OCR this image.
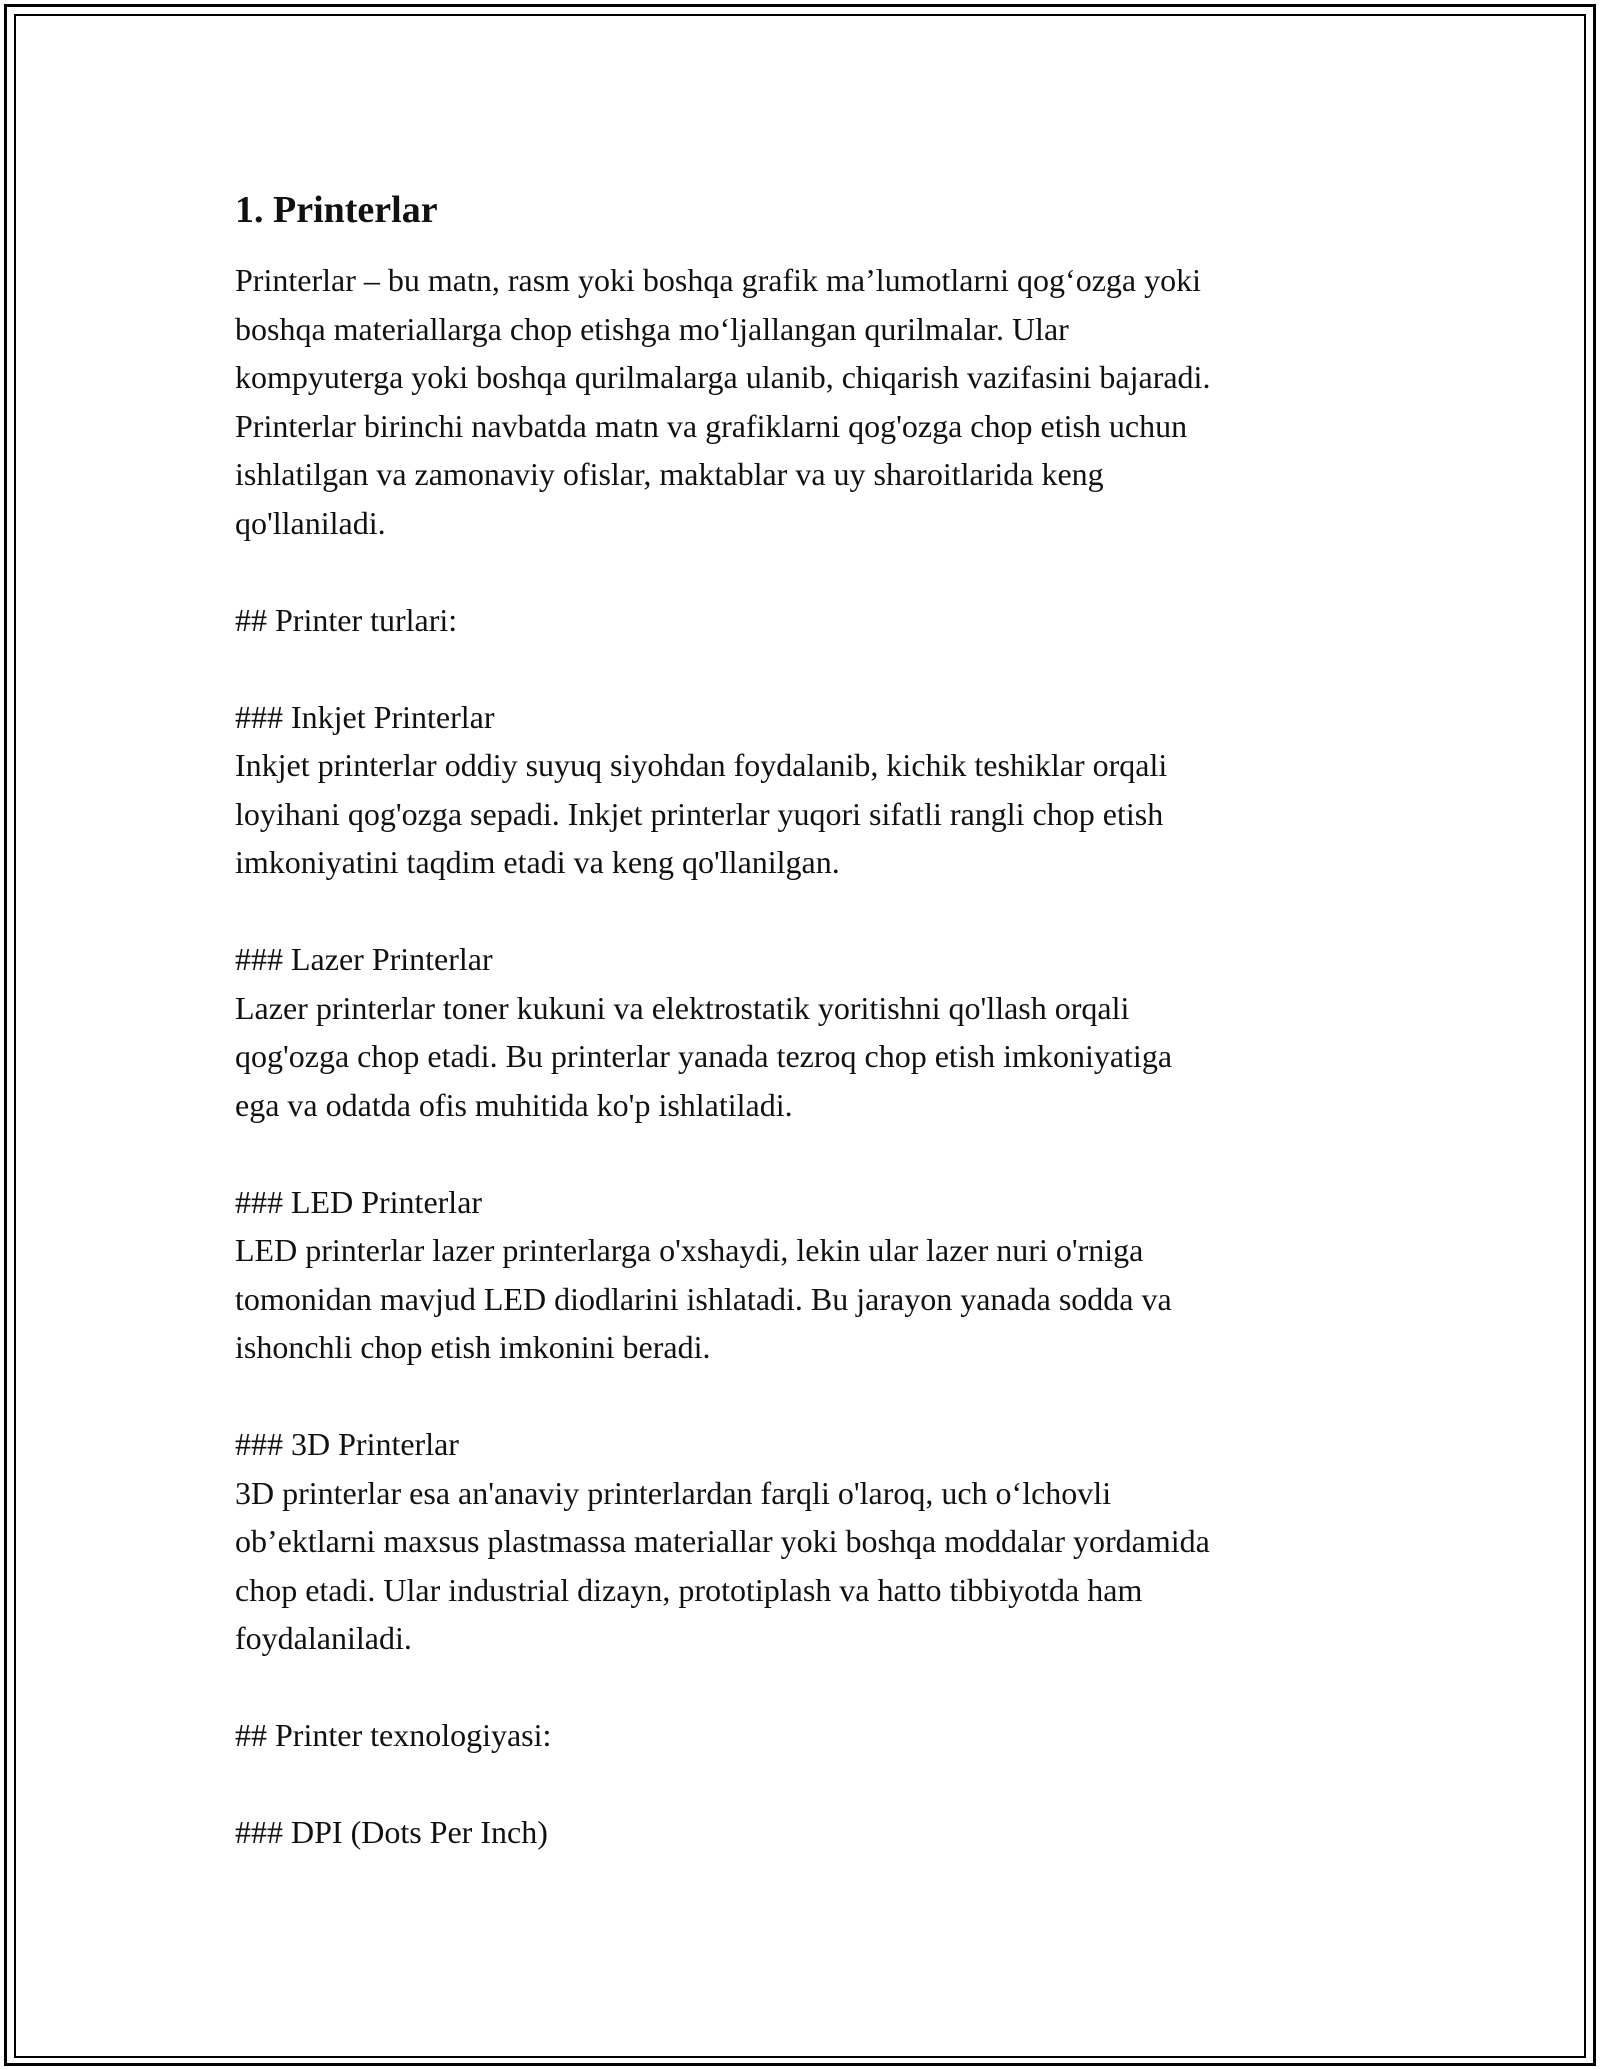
1. Printerlar

Printerlar – bu matn, rasm yoki boshqa grafik ma’lumotlarni qog‘ozga yoki
boshqa materiallarga chop etishga mo‘ljallangan qurilmalar. Ular
kompyuterga yoki boshqa qurilmalarga ulanib, chiqarish vazifasini bajaradi.
Printerlar birinchi navbatda matn va grafiklarni qog'ozga chop etish uchun
ishlatilgan va zamonaviy ofislar, maktablar va uy sharoitlarida keng
qo'llaniladi.

## Printer turlari:

### Inkjet Printerlar

Inkjet printerlar oddiy suyuq siyohdan foydalanib, kichik teshiklar orqali
loyihani qog'ozga sepadi. Inkjet printerlar yuqori sifatli rangli chop etish
imkoniyatini taqdim etadi va keng qo'llanilgan.

### Lazer Printerlar

Lazer printerlar toner kukuni va elektrostatik yoritishni qo'llash orqali
qog'ozga chop etadi. Bu printerlar yanada tezroq chop etish imkoniyatiga
ega va odatda ofis muhitida ko'p ishlatiladi.

### LED Printerlar

LED printerlar lazer printerlarga o'xshaydi, lekin ular lazer nuri o'rniga
tomonidan mavjud LED diodlarini ishlatadi. Bu jarayon yanada sodda va
ishonchli chop etish imkonini beradi.

### 3D Printerlar

3D printerlar esa an'anaviy printerlardan farqli o'laroq, uch o‘lchovli
ob’ektlarni maxsus plastmassa materiallar yoki boshqa moddalar yordamida
chop etadi. Ular industrial dizayn, prototiplash va hatto tibbiyotda ham
foydalaniladi.

## Printer texnologiyasi:

### DPI (Dots Per Inch)
